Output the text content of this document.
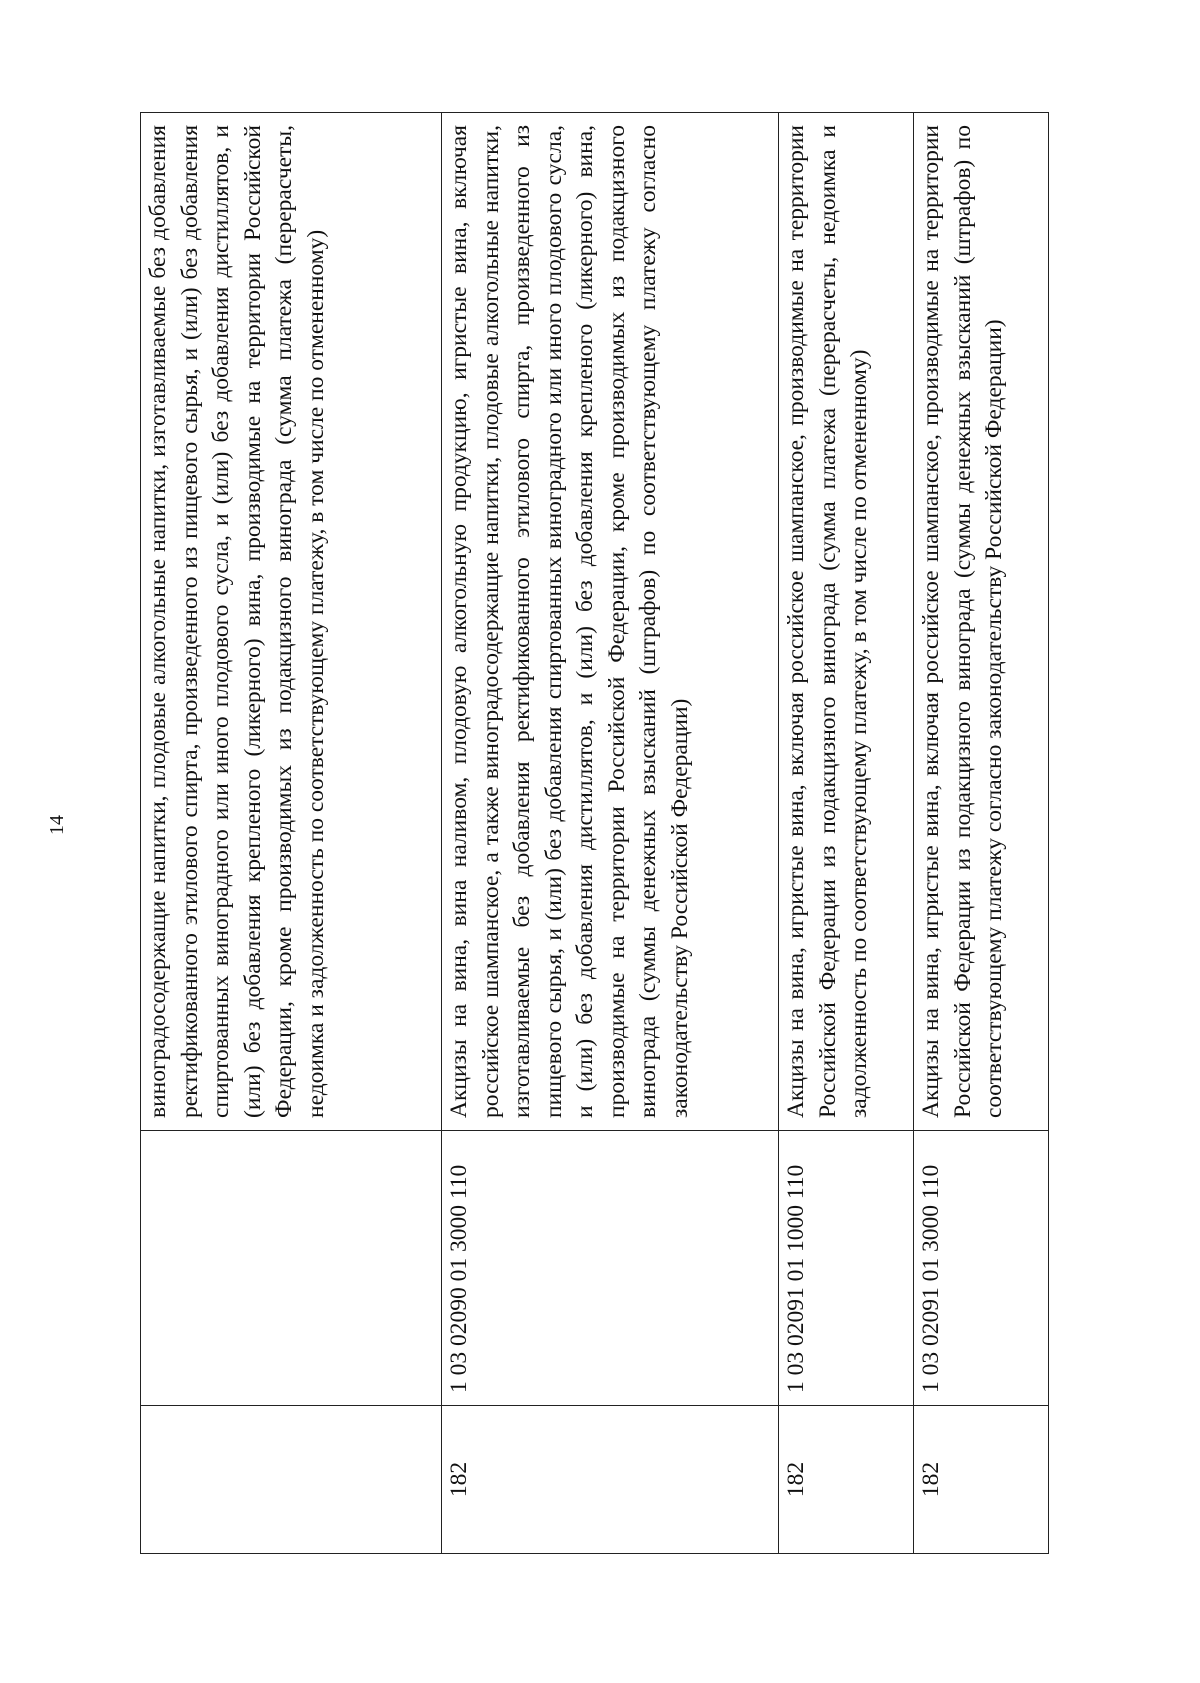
14
			виноградосодержащие напитки, плодовые алкогольные напитки, изготавливаемые без добавления ректификованного этилового спирта, произведенного из пищевого сырья, и (или) без добавления спиртованных виноградного или иного плодового сусла, и (или) без добавления дистиллятов, и (или) без добавления крепленого (ликерного) вина, производимые на территории Российской Федерации, кроме производимых из подакцизного винограда (сумма платежа (перерасчеты, недоимка и задолженность по соответствующему платежу, в том числе по отмененному)
182	1 03 02090 01 3000 110	Акцизы на вина, вина наливом, плодовую алкогольную продукцию, игристые вина, включая российское шампанское, а также виноградосодержащие напитки, плодовые алкогольные напитки, изготавливаемые без добавления ректификованного этилового спирта, произведенного из пищевого сырья, и (или) без добавления спиртованных виноградного или иного плодового сусла, и (или) без добавления дистиллятов, и (или) без добавления крепленого (ликерного) вина, производимые на территории Российской Федерации, кроме производимых из подакцизного винограда (суммы денежных взысканий (штрафов) по соответствующему платежу согласно законодательству Российской Федерации)
182	1 03 02091 01 1000 110	Акцизы на вина, игристые вина, включая российское шампанское, производимые на территории Российской Федерации из подакцизного винограда (сумма платежа (перерасчеты, недоимка и задолженность по соответствующему платежу, в том числе по отмененному)
182	1 03 02091 01 3000 110	Акцизы на вина, игристые вина, включая российское шампанское, производимые на территории Российской Федерации из подакцизного винограда (суммы денежных взысканий (штрафов) по соответствующему платежу согласно законодательству Российской Федерации)
